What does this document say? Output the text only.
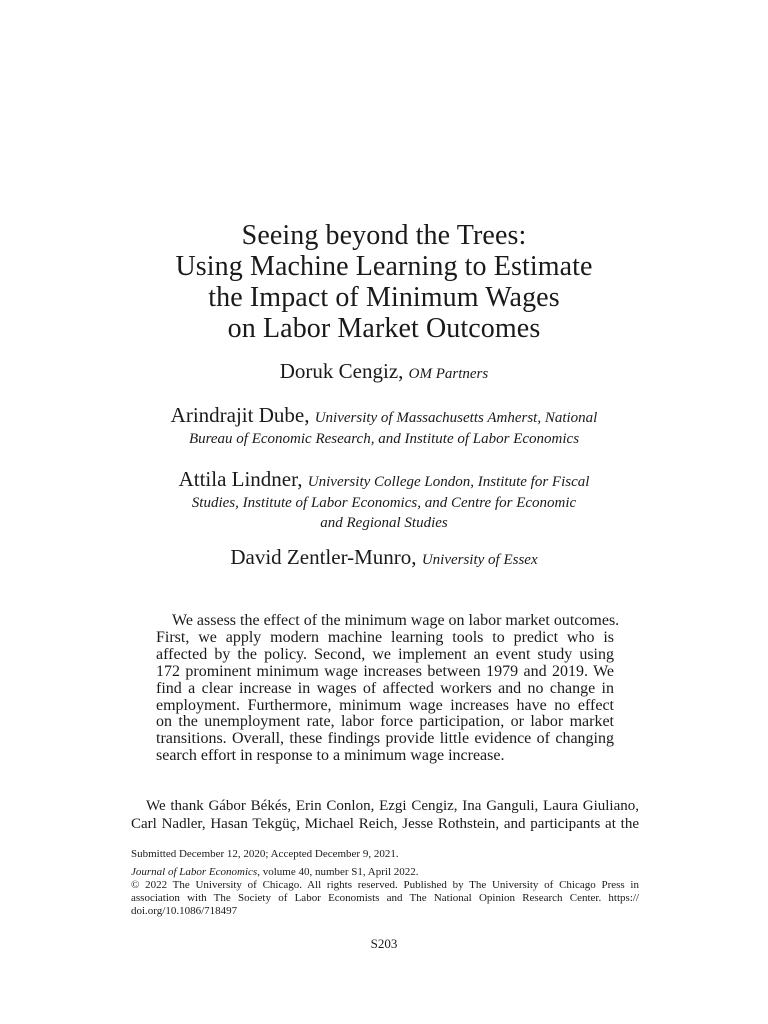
Seeing beyond the Trees:
Using Machine Learning to Estimate
the Impact of Minimum Wages
on Labor Market Outcomes
Doruk Cengiz, OM Partners
Arindrajit Dube, University of Massachusetts Amherst, National
Bureau of Economic Research, and Institute of Labor Economics
Attila Lindner, University College London, Institute for Fiscal
Studies, Institute of Labor Economics, and Centre for Economic
and Regional Studies
David Zentler-Munro, University of Essex
We assess the effect of the minimum wage on labor market outcomes.
First, we apply modern machine learning tools to predict who is
affected by the policy. Second, we implement an event study using
172 prominent minimum wage increases between 1979 and 2019. We
find a clear increase in wages of affected workers and no change in
employment. Furthermore, minimum wage increases have no effect
on the unemployment rate, labor force participation, or labor market
transitions. Overall, these findings provide little evidence of changing
search effort in response to a minimum wage increase.
We thank Gábor Békés, Erin Conlon, Ezgi Cengiz, Ina Ganguli, Laura Giuliano,
Carl Nadler, Hasan Tekgüç, Michael Reich, Jesse Rothstein, and participants at the
Submitted December 12, 2020; Accepted December 9, 2021.
Journal of Labor Economics, volume 40, number S1, April 2022.
© 2022 The University of Chicago. All rights reserved. Published by The University of Chicago Press in
association with The Society of Labor Economists and The National Opinion Research Center. https://
doi.org/10.1086/718497
S203
